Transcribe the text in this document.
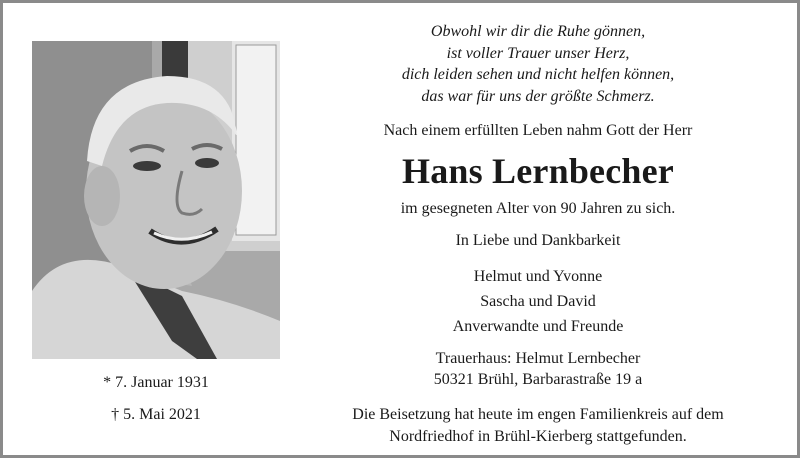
* 7. Januar 1931
† 5. Mai 2021
Obwohl wir dir die Ruhe gönnen,
ist voller Trauer unser Herz,
dich leiden sehen und nicht helfen können,
das war für uns der größte Schmerz.
Nach einem erfüllten Leben nahm Gott der Herr
Hans Lernbecher
im gesegneten Alter von 90 Jahren zu sich.
In Liebe und Dankbarkeit
Helmut und Yvonne
Sascha und David
Anverwandte und Freunde
Trauerhaus: Helmut Lernbecher
50321 Brühl, Barbarastraße 19 a
Die Beisetzung hat heute im engen Familienkreis auf dem
Nordfriedhof in Brühl-Kierberg stattgefunden.
